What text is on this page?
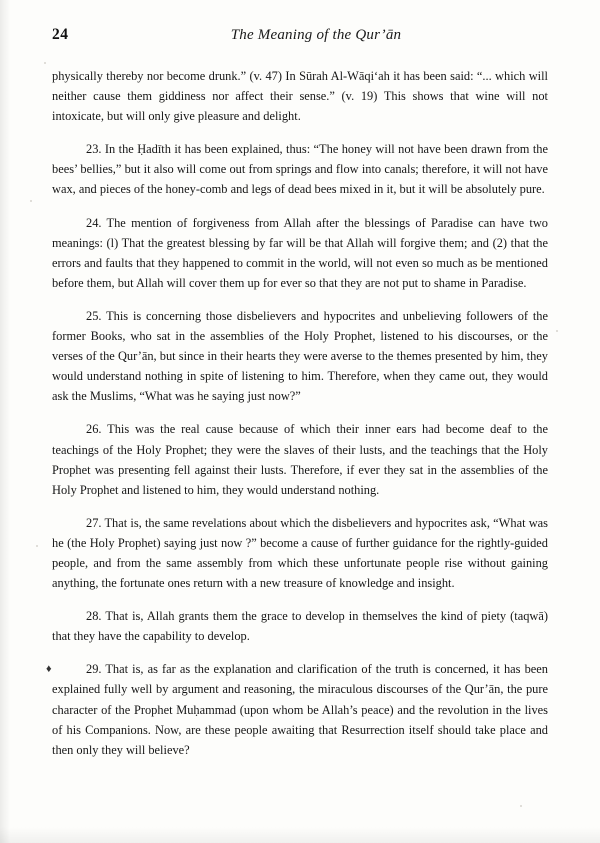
24	The Meaning of the Qur’ān

physically thereby nor become drunk.” (v. 47) In Sūrah Al-Wāqi‘ah it has been said: “... which will neither cause them giddiness nor affect their sense.” (v. 19) This shows that wine will not intoxicate, but will only give pleasure and delight.

23. In the Ḥadīth it has been explained, thus: “The honey will not have been drawn from the bees’ bellies,” but it also will come out from springs and flow into canals; therefore, it will not have wax, and pieces of the honey-comb and legs of dead bees mixed in it, but it will be absolutely pure.

24. The mention of forgiveness from Allah after the blessings of Paradise can have two meanings: (l) That the greatest blessing by far will be that Allah will forgive them; and (2) that the errors and faults that they happened to commit in the world, will not even so much as be mentioned before them, but Allah will cover them up for ever so that they are not put to shame in Paradise.

25. This is concerning those disbelievers and hypocrites and unbelieving followers of the former Books, who sat in the assemblies of the Holy Prophet, listened to his discourses, or the verses of the Qur’ān, but since in their hearts they were averse to the themes presented by him, they would understand nothing in spite of listening to him. Therefore, when they came out, they would ask the Muslims, “What was he saying just now?”

26. This was the real cause because of which their inner ears had become deaf to the teachings of the Holy Prophet; they were the slaves of their lusts, and the teachings that the Holy Prophet was presenting fell against their lusts. Therefore, if ever they sat in the assemblies of the Holy Prophet and listened to him, they would understand nothing.

27. That is, the same revelations about which the disbelievers and hypocrites ask, “What was he (the Holy Prophet) saying just now ?” become a cause of further guidance for the rightly-guided people, and from the same assembly from which these unfortunate people rise without gaining anything, the fortunate ones return with a new treasure of knowledge and insight.

28. That is, Allah grants them the grace to develop in themselves the kind of piety (taqwā) that they have the capability to develop.

♦	29. That is, as far as the explanation and clarification of the truth is concerned, it has been explained fully well by argument and reasoning, the miraculous discourses of the Qur’ān, the pure character of the Prophet Muḥammad (upon whom be Allah’s peace) and the revolution in the lives of his Companions. Now, are these people awaiting that Resurrection itself should take place and then only they will believe?
